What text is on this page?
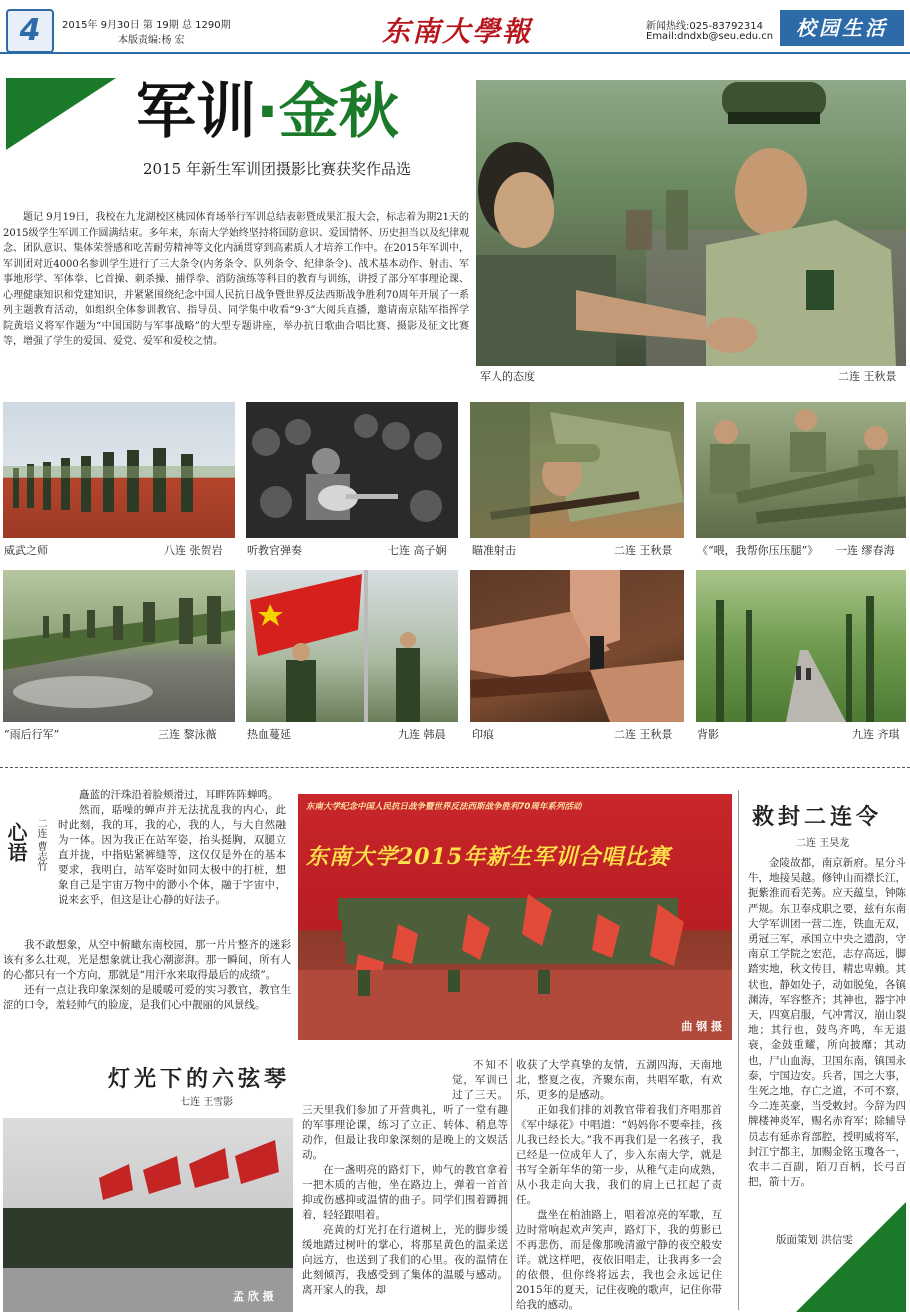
4	2015年 9月30日 第 19期 总 1290期
本版责编:杨 宏	东南大學報	新闻热线:025-83792314
Email:dndxb@seu.edu.cn	校园生活
军训·金秋
2015 年新生军训团摄影比赛获奖作品选

题记 9月19日，我校在九龙湖校区桃园体育场举行军训总结表彰暨成果汇报大会，标志着为期21天的2015级学生军训工作圆满结束。多年来，东南大学始终坚持将国防意识、爱国情怀、历史担当以及纪律观念、团队意识、集体荣誉感和吃苦耐劳精神等文化内涵贯穿到高素质人才培养工作中。在2015年军训中，军训团对近4000名参训学生进行了三大条令(内务条令、队列条令、纪律条令)、战术基本动作、射击、军事地形学、军体拳、匕首操、刺杀操、捕俘拳、消防演练等科目的教育与训练，讲授了部分军事理论课、心理健康知识和党建知识，并紧紧围绕纪念中国人民抗日战争暨世界反法西斯战争胜利70周年开展了一系列主题教育活动，如组织全体参训教官、指导员、同学集中收看“9·3”大阅兵直播，邀请南京陆军指挥学院黄培义将军作题为“中国国防与军事战略”的大型专题讲座，举办抗日歌曲合唱比赛、摄影及征文比赛等，增强了学生的爱国、爱党、爱军和爱校之情。

军人的态度	二连 王秋景
威武之师	八连 张贺岩 听教官弹奏	七连 高子娴 瞄准射击	二连 王秋景 《“喂，我帮你压压腿”》 一连 缪春海
“雨后行军”	三连 黎泳薇	热血蔓延	九连 韩晨 印痕	二连 王秋景 背影	九连 齐琪
心语 二连 曹志竹

矗蓝的汗珠沿着脸颊滑过，耳畔阵阵蝉鸣。

然而，聒噪的蝉声并无法扰乱我的内心，此时此刻，我的耳，我的心，我的人，与大自然融为一体。因为我正在站军姿，抬头挺胸，双腿立直并拢，中指贴紧裤缝等，这仅仅是外在的基本要求，我明白，站军姿时如同太极中的打桩，想象自己是宇宙万物中的渺小个体，融于宇宙中，说来玄乎，但这是让心静的好法子。

我不敢想象，从空中俯瞰东南校园，那一片片整齐的迷彩该有多么壮观，光是想象就让我心潮澎湃。那一瞬间，所有人的心都只有一个方向，那就是“用汗水来取得最后的成绩”。

还有一点让我印象深刻的是暖暖可爱的实习教官，教官生涩的口令，羞轻帅气的脸庞，是我们心中靓丽的风景线。

东南大学纪念中国人民抗日战争暨世界反法西斯战争胜利70周年系列活动
东南大学2015年新生军训合唱比赛
曲 钢 摄
灯光下的六弦琴
七连 王雪影
孟 欣 摄

不知不觉，军训已过了三天。三天里我们参加了开营典礼，听了一堂有趣的军事理论课，练习了立正、转体、稍息等动作，但最让我印象深刻的是晚上的文娱活动。

在一盏明亮的路灯下，帅气的教官拿着一把木质的吉他，坐在路边上，弹着一首首抑或伤感抑或温情的曲子。同学们围着蹲拥着，轻轻跟唱着。

亮黄的灯光打在行道树上，光的脚步缓缓地踏过树叶的掌心，将那星黄色的温柔送向远方，也送到了我们的心里。夜的温情在此刻倾泻，我感受到了集体的温暖与感动。离开家人的我，却

收获了大学真挚的友情，五湖四海，天南地北，整夏之夜，齐聚东南，共唱军歌，有欢乐，更多的是感动。

正如我们排的刘教官带着我们齐唱那首《军中绿花》中唱道：“妈妈你不要牵挂，孩儿我已经长大。”我不再我们是一名孩子，我已经是一位成年人了，步入东南大学，就是书写全新年华的第一步，从稚气走向成熟，从小我走向大我，我们的肩上已扛起了责任。

盘坐在柏油路上，唱着凉亮的军歌，互边时常响起欢声笑声，路灯下，我的剪影已不再悲伤，而是像那晚清澈宁静的夜空般安详。就这样吧，夜依旧唱走，让我再多一会的依偎，但你终将远去，我也会永远记住2015年的夏天，记住夜晚的歌声，记住你带给我的感动。

救封二连令
二连 王昊龙

金陵故都，南京新府。星分斗牛，地接吴越。修钟山而襟长江，扼紫淮而看芜莠。应天蕴皇，钟陈严规。东卫奉戍职之要，兹有东南大学军训团一营二连，铁血无双，勇冠三军，承国立中央之遗韵，守南京工学院之宏范，志存高远，脚踏实地，秋文传目，精忠卑赖。其状也，静如处子，动如脱兔，各镇渊涛，军容整齐；其神也，器宇冲天，四寞启服，气冲霄汉，崩山裂地；其行也，鼓鸟齐鸣，车无退衰，金鼓重耀，所向披靡；其动也，尸山血海，卫国东南，镇国永泰，宁国边安。兵者，国之大事，生死之地，存亡之道，不可不察，今二连英豪，当受敕封。今辞为四牌楼神炎军，赐名赤育军；除辅导员志有延赤育部腔，授明威将军，封江宁都主，加赐金铭玉瓊各一，农丰二百副，陌刀百柄，长弓百把，箭十万。

版面策划 洪信雯
